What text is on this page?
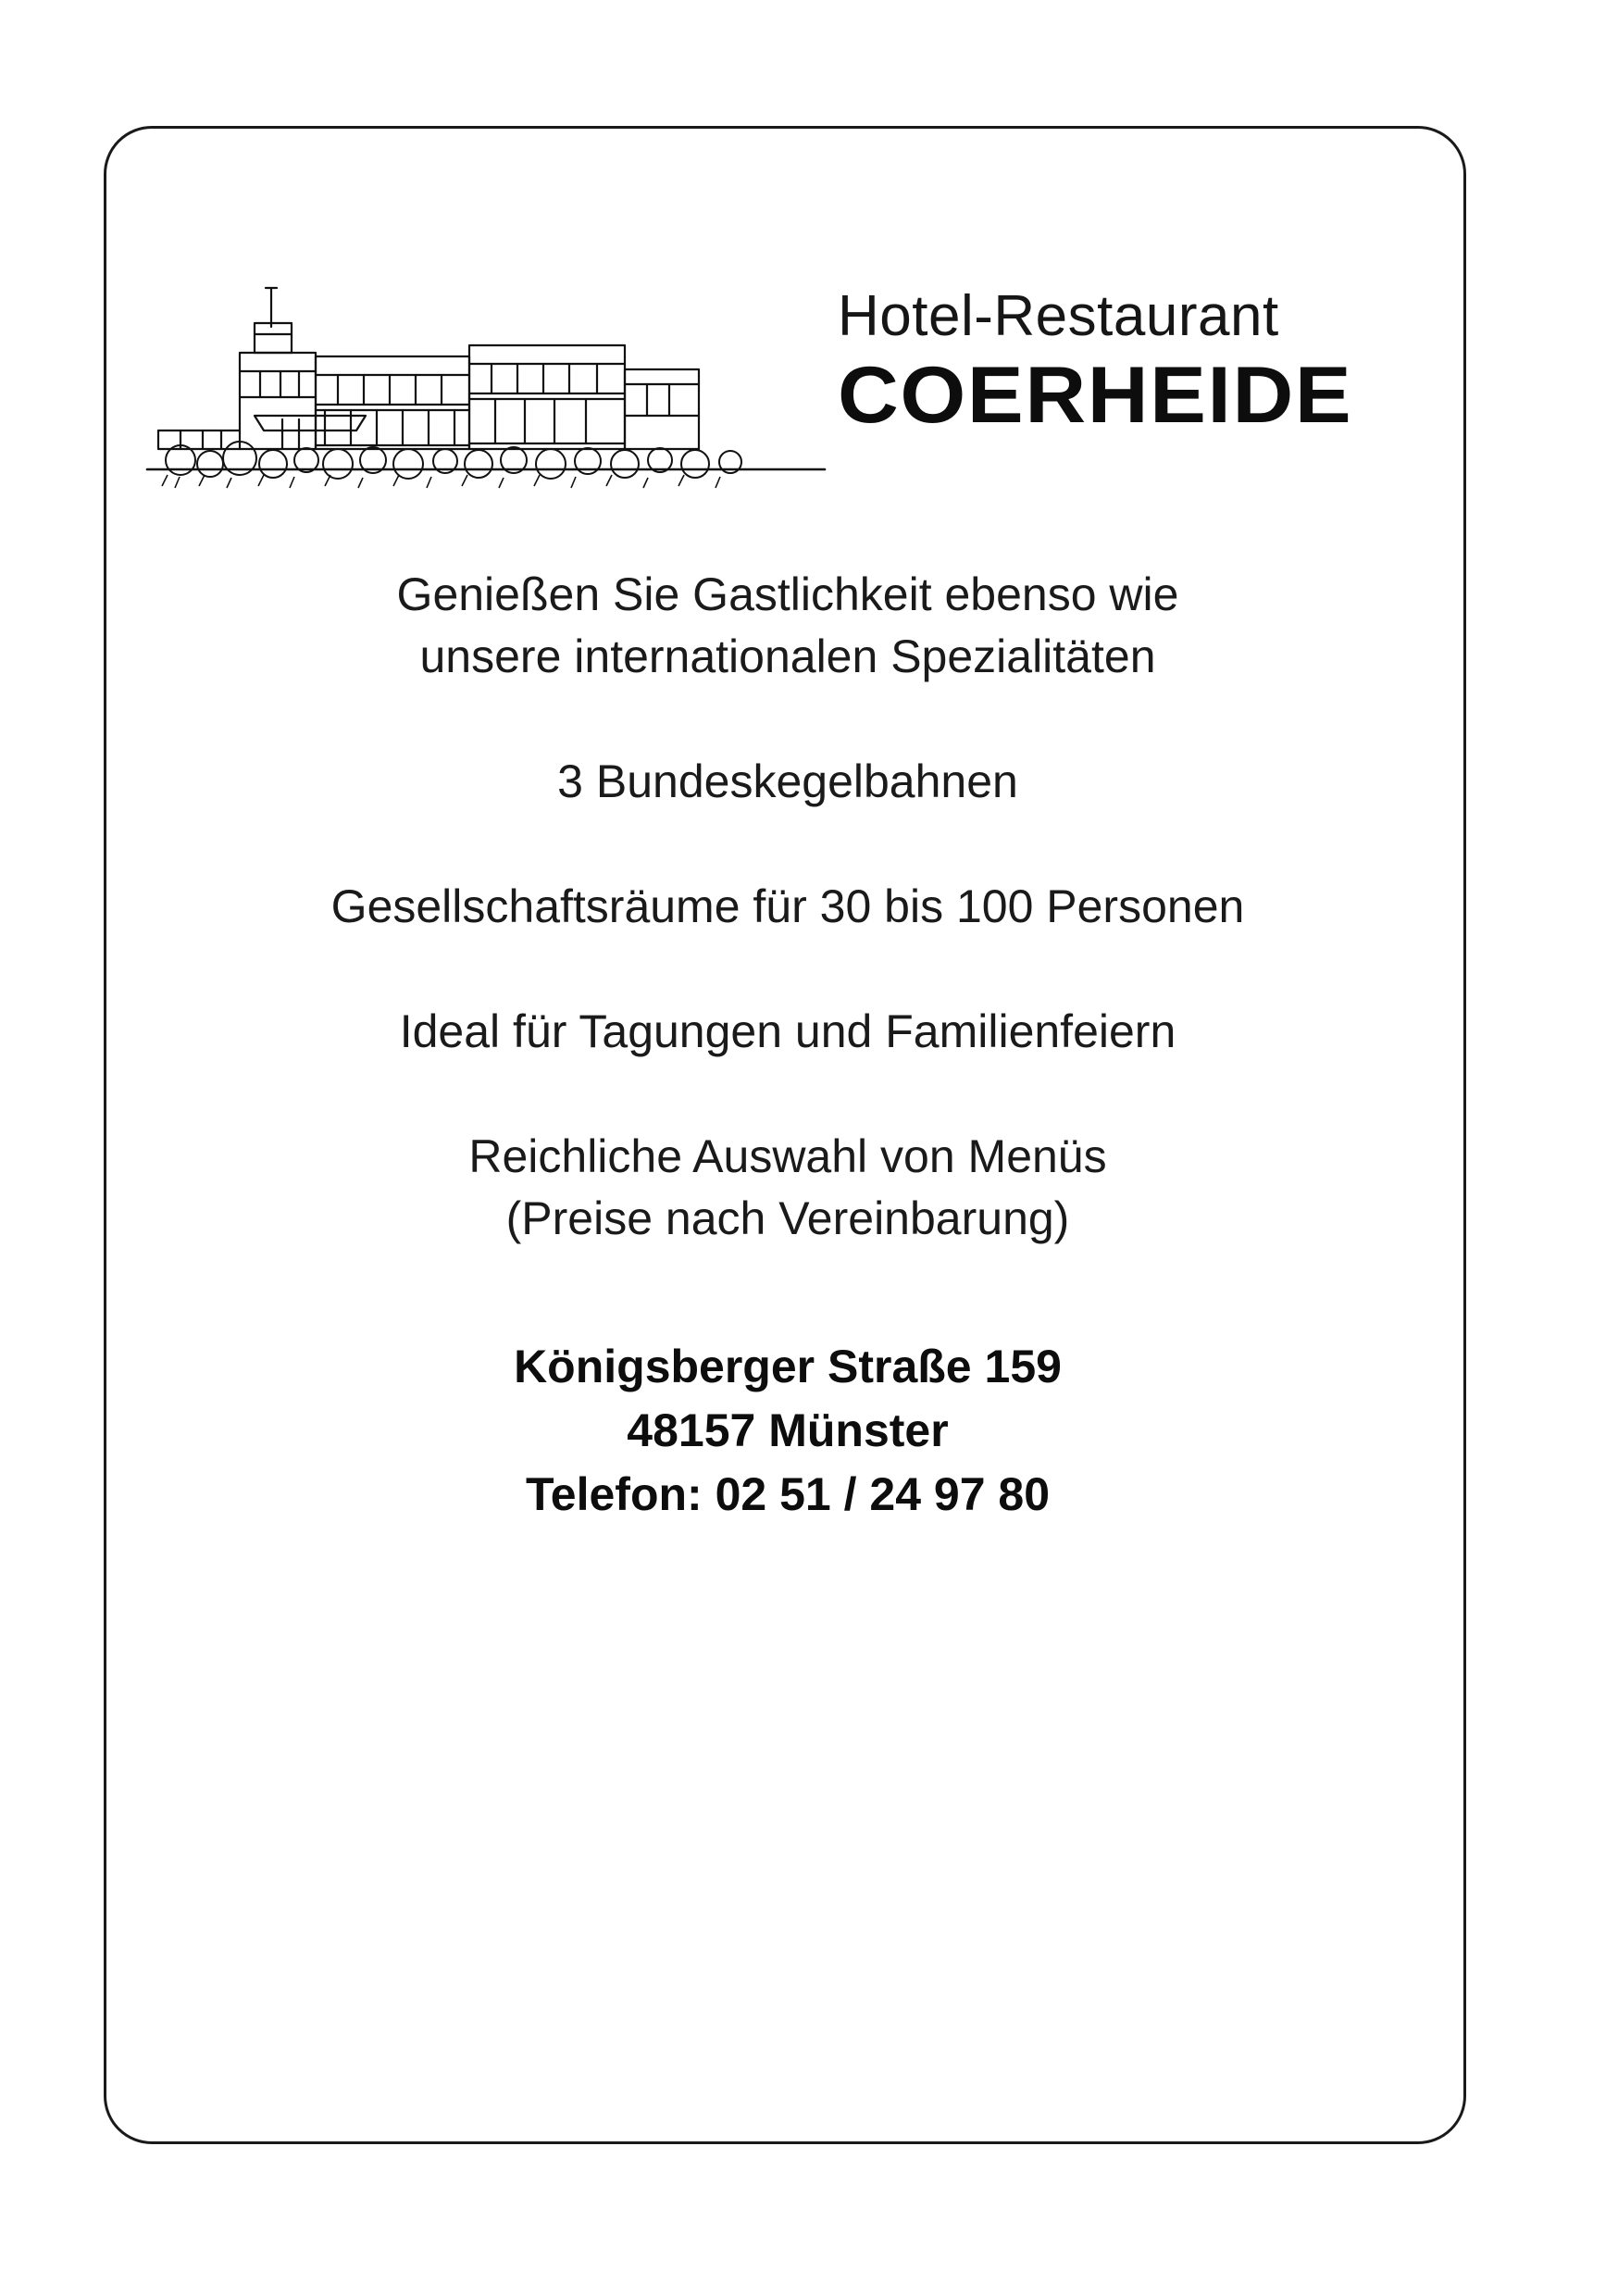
Hotel-Restaurant
COERHEIDE

Genießen Sie Gastlichkeit ebenso wie
unsere internationalen Spezialitäten

3 Bundeskegelbahnen

Gesellschaftsräume für 30 bis 100 Personen

Ideal für Tagungen und Familienfeiern

Reichliche Auswahl von Menüs
(Preise nach Vereinbarung)

Königsberger Straße 159
48157 Münster
Telefon: 02 51 / 24 97 80
